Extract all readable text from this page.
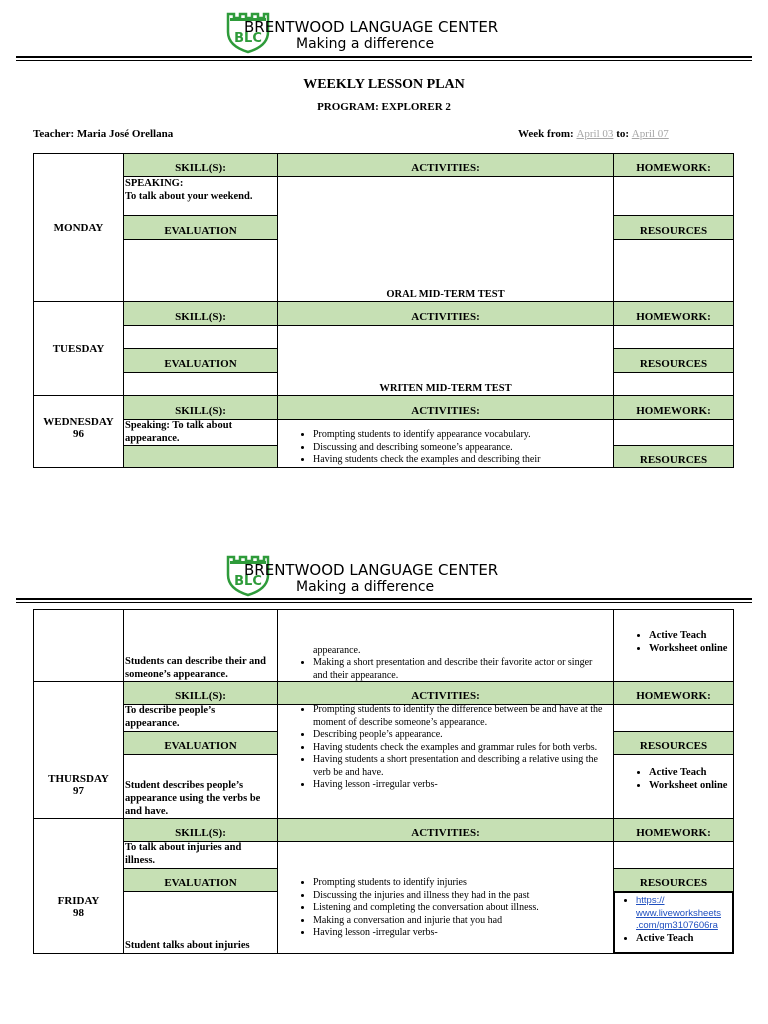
BLC
BRENTWOOD LANGUAGE CENTER
Making a difference
WEEKLY LESSON PLAN
PROGRAM: EXPLORER 2
Teacher: Maria José Orellana	Week from: April 03 to: April 07
MONDAY
SKILL(S):	ACTIVITIES:	HOMEWORK:
SPEAKING:
To talk about your weekend.
ORAL MID-TERM TEST
EVALUATION	RESOURCES
TUESDAY
SKILL(S):	ACTIVITIES:	HOMEWORK:
WRITEN MID-TERM TEST
EVALUATION	RESOURCES
WEDNESDAY
96
SKILL(S):	ACTIVITIES:	HOMEWORK:
Speaking: To talk about appearance.
•	Prompting students to identify appearance vocabulary.
• Discussing and describing someone’s appearance.
• Having students check the examples and describing their	RESOURCES
BLC
BRENTWOOD LANGUAGE CENTER
Making a difference
Students can describe their and someone’s appearance.
appearance.
• Making a short presentation and describe their favorite actor or singer and their appearance.
• Active Teach
• Worksheet online
THURSDAY
97
SKILL(S):	ACTIVITIES:	HOMEWORK:
To describe people’s appearance.
• Prompting students to identify the difference between be and have at the moment of describe someone’s appearance.
• Describing people’s appearance.
• Having students check the examples and grammar rules for both verbs.
• Having students a short presentation and describing a relative using the verb be and have.
• Having lesson -irregular verbs-
EVALUATION	RESOURCES
Student describes people’s appearance using the verbs be and have.
• Active Teach
• Worksheet online
FRIDAY
98
SKILL(S):	ACTIVITIES:	HOMEWORK:
To talk about injuries and illness.
• Prompting students to identify injuries
• Discussing the injuries and illness they had in the past
• Listening and completing the conversation about illness.
• Making a conversation and injurie that you had
• Having lesson -irregular verbs-
EVALUATION	RESOURCES
Student talks about injuries
• https://
www.liveworksheets
.com/gm3107606ra
• Active Teach
